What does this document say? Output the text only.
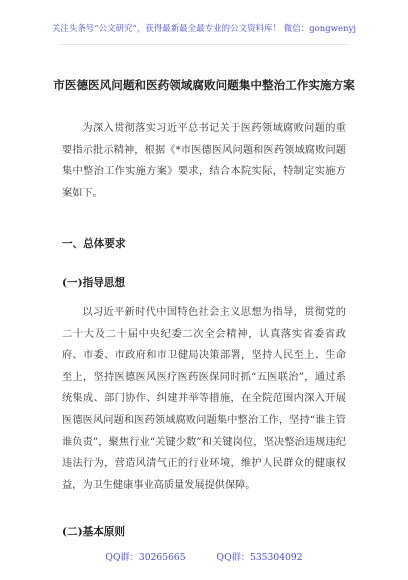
关注头条号“公文研究”，获得最新最全最专业的公文资料库！ 微信：gongwenyj
市医德医风问题和医药领域腐败问题集中整治工作实施方案
为深入贯彻落实习近平总书记关于医药领域腐败问题的重要指示批示精神，根据《*市医德医风问题和医药领域腐败问题集中整治工作实施方案》要求，结合本院实际，特制定实施方案如下。
一、总体要求
(一)指导思想
以习近平新时代中国特色社会主义思想为指导，贯彻党的二十大及二十届中央纪委二次全会精神，认真落实省委省政府、市委、市政府和市卫健局决策部署，坚持人民至上、生命至上，坚持医德医风医疗医药医保同时抓“五医联治”，通过系统集成、部门协作、纠建并举等措施，在全院范围内深入开展医德医风问题和医药领域腐败问题集中整治工作，坚持“谁主管谁负责”，聚焦行业“关键少数”和关键岗位，坚决整治违规违纪违法行为，营造风清气正的行业环境，维护人民群众的健康权益，为卫生健康事业高质量发展提供保障。
(二)基本原则
QQ群：30265665	QQ群：535304092
